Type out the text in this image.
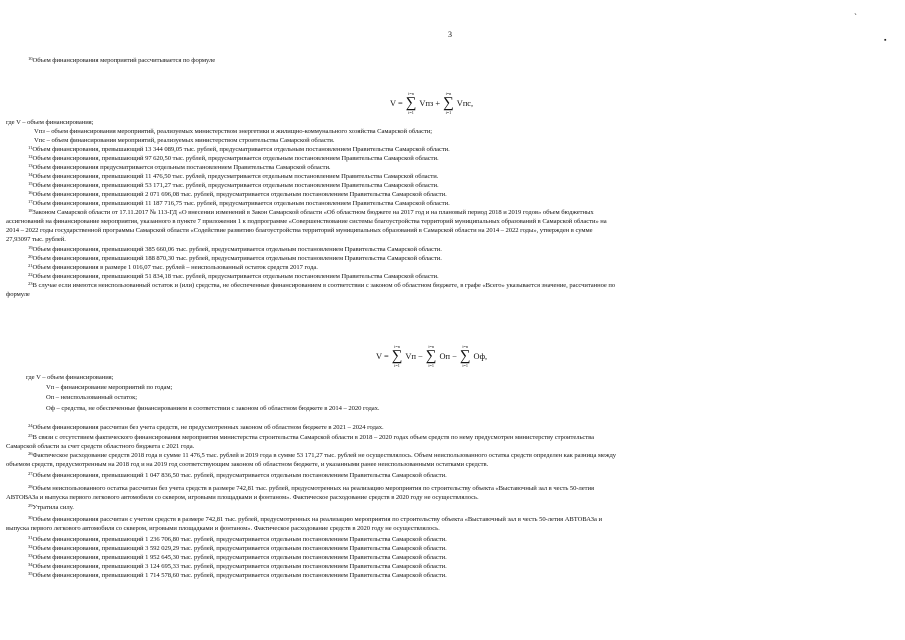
3
`
▪
$^{10}$Объем финансирования мероприятий рассчитывается по формуле
V =
i=n
∑
i=1
Vпз +
i=n
∑
i=1
Vпс,
где V – объем финансирования;
Vпз – объем финансирования мероприятий, реализуемых министерством энергетики и жилищно-коммунального хозяйства Самарской области;
Vпс – объем финансирования мероприятий, реализуемых министерством строительства Самарской области.
$^{11}$Объем финансирования, превышающий 13 344 089,05 тыс. рублей, предусматривается отдельным постановлением Правительства Самарской области.
$^{12}$Объем финансирования, превышающий 97 620,50 тыс. рублей, предусматривается отдельным постановлением Правительства Самарской области.
$^{13}$Объем финансирования предусматривается отдельным постановлением Правительства Самарской области.
$^{14}$Объем финансирования, превышающий 11 476,50 тыс. рублей, предусматривается отдельным постановлением Правительства Самарской области.
$^{15}$Объем финансирования, превышающий 53 171,27 тыс. рублей, предусматривается отдельным постановлением Правительства Самарской области.
$^{16}$Объем финансирования, превышающий 2 071 696,08 тыс. рублей, предусматривается отдельным постановлением Правительства Самарской области.
$^{17}$Объем финансирования, превышающий 11 187 716,75 тыс. рублей, предусматривается отдельным постановлением Правительства Самарской области.
$^{18}$Законом Самарской области от 17.11.2017 № 113-ГД «О внесении изменений в Закон Самарской области «Об областном бюджете на 2017 год и на плановый период 2018 и 2019 годов» объем бюджетных
ассигнований на финансирование мероприятия, указанного в пункте 7 приложения 1 к подпрограмме «Совершенствование системы благоустройства территорий муниципальных образований в Самарской области» на
2014 – 2022 годы государственной программы Самарской области «Содействие развитию благоустройства территорий муниципальных образований в Самарской области на 2014 – 2022 годы», утвержден в сумме
27,93097 тыс. рублей.
$^{19}$Объем финансирования, превышающий 385 660,06 тыс. рублей, предусматривается отдельным постановлением Правительства Самарской области.
$^{20}$Объем финансирования, превышающий 188 870,30 тыс. рублей, предусматривается отдельным постановлением Правительства Самарской области.
$^{21}$Объем финансирования в размере 1 016,07 тыс. рублей – неиспользованный остаток средств 2017 года.
$^{22}$Объем финансирования, превышающий 51 834,18 тыс. рублей, предусматривается отдельным постановлением Правительства Самарской области.
$^{23}$В случае если имеются неиспользованный остаток и (или) средства, не обеспеченные финансированием в соответствии с законом об областном бюджете, в графе «Всего» указывается значение, рассчитанное по
формуле
V =
i=n
∑
i=1
Vп −
i=n
∑
i=1
Оп −
i=n
∑
i=1
Оф,
где V – объем финансирования;
Vп – финансирование мероприятий по годам;
Оп – неиспользованный остаток;
Оф – средства, не обеспеченные финансированием в соответствии с законом об областном бюджете в 2014 – 2020 годах.
$^{24}$Объем финансирования рассчитан без учета средств, не предусмотренных законом об областном бюджете в 2021 – 2024 годах.
$^{25}$В связи с отсутствием фактического финансирования мероприятия министерства строительства Самарской области в 2018 – 2020 годах объем средств по нему предусмотрен министерству строительства
Самарской области за счет средств областного бюджета с 2021 года.
$^{26}$Фактическое расходование средств 2018 года в сумме 11 476,5 тыс. рублей и 2019 года в сумме 53 171,27 тыс. рублей не осуществлялось. Объем неиспользованного остатка средств определен как разница между
объемом средств, предусмотренным на 2018 год и на 2019 год соответствующим законом об областном бюджете, и указанными ранее неиспользованными остатками средств.
$^{27}$Объем финансирования, превышающий 1 047 836,50 тыс. рублей, предусматривается отдельным постановлением Правительства Самарской области.
$^{28}$Объем неиспользованного остатка рассчитан без учета средств в размере 742,81 тыс. рублей, предусмотренных на реализацию мероприятия по строительству объекта «Выставочный зал в честь 50-летия
АВТОВАЗа и выпуска первого легкового автомобиля со сквером, игровыми площадками и фонтаном». Фактическое расходование средств в 2020 году не осуществлялось.
$^{29}$Утратила силу.
$^{30}$Объем финансирования рассчитан с учетом средств в размере 742,81 тыс. рублей, предусмотренных на реализацию мероприятия по строительству объекта «Выставочный зал в честь 50-летия АВТОВАЗа и
выпуска первого легкового автомобиля со сквером, игровыми площадками и фонтаном». Фактическое расходование средств в 2020 году не осуществлялось.
$^{31}$Объем финансирования, превышающий 1 236 706,80 тыс. рублей, предусматривается отдельным постановлением Правительства Самарской области.
$^{32}$Объем финансирования, превышающий 3 592 029,29 тыс. рублей, предусматривается отдельным постановлением Правительства Самарской области.
$^{33}$Объем финансирования, превышающий 1 952 645,30 тыс. рублей, предусматривается отдельным постановлением Правительства Самарской области.
$^{34}$Объем финансирования, превышающий 3 124 695,33 тыс. рублей, предусматривается отдельным постановлением Правительства Самарской области.
$^{35}$Объем финансирования, превышающий 1 714 578,60 тыс. рублей, предусматривается отдельным постановлением Правительства Самарской области.
